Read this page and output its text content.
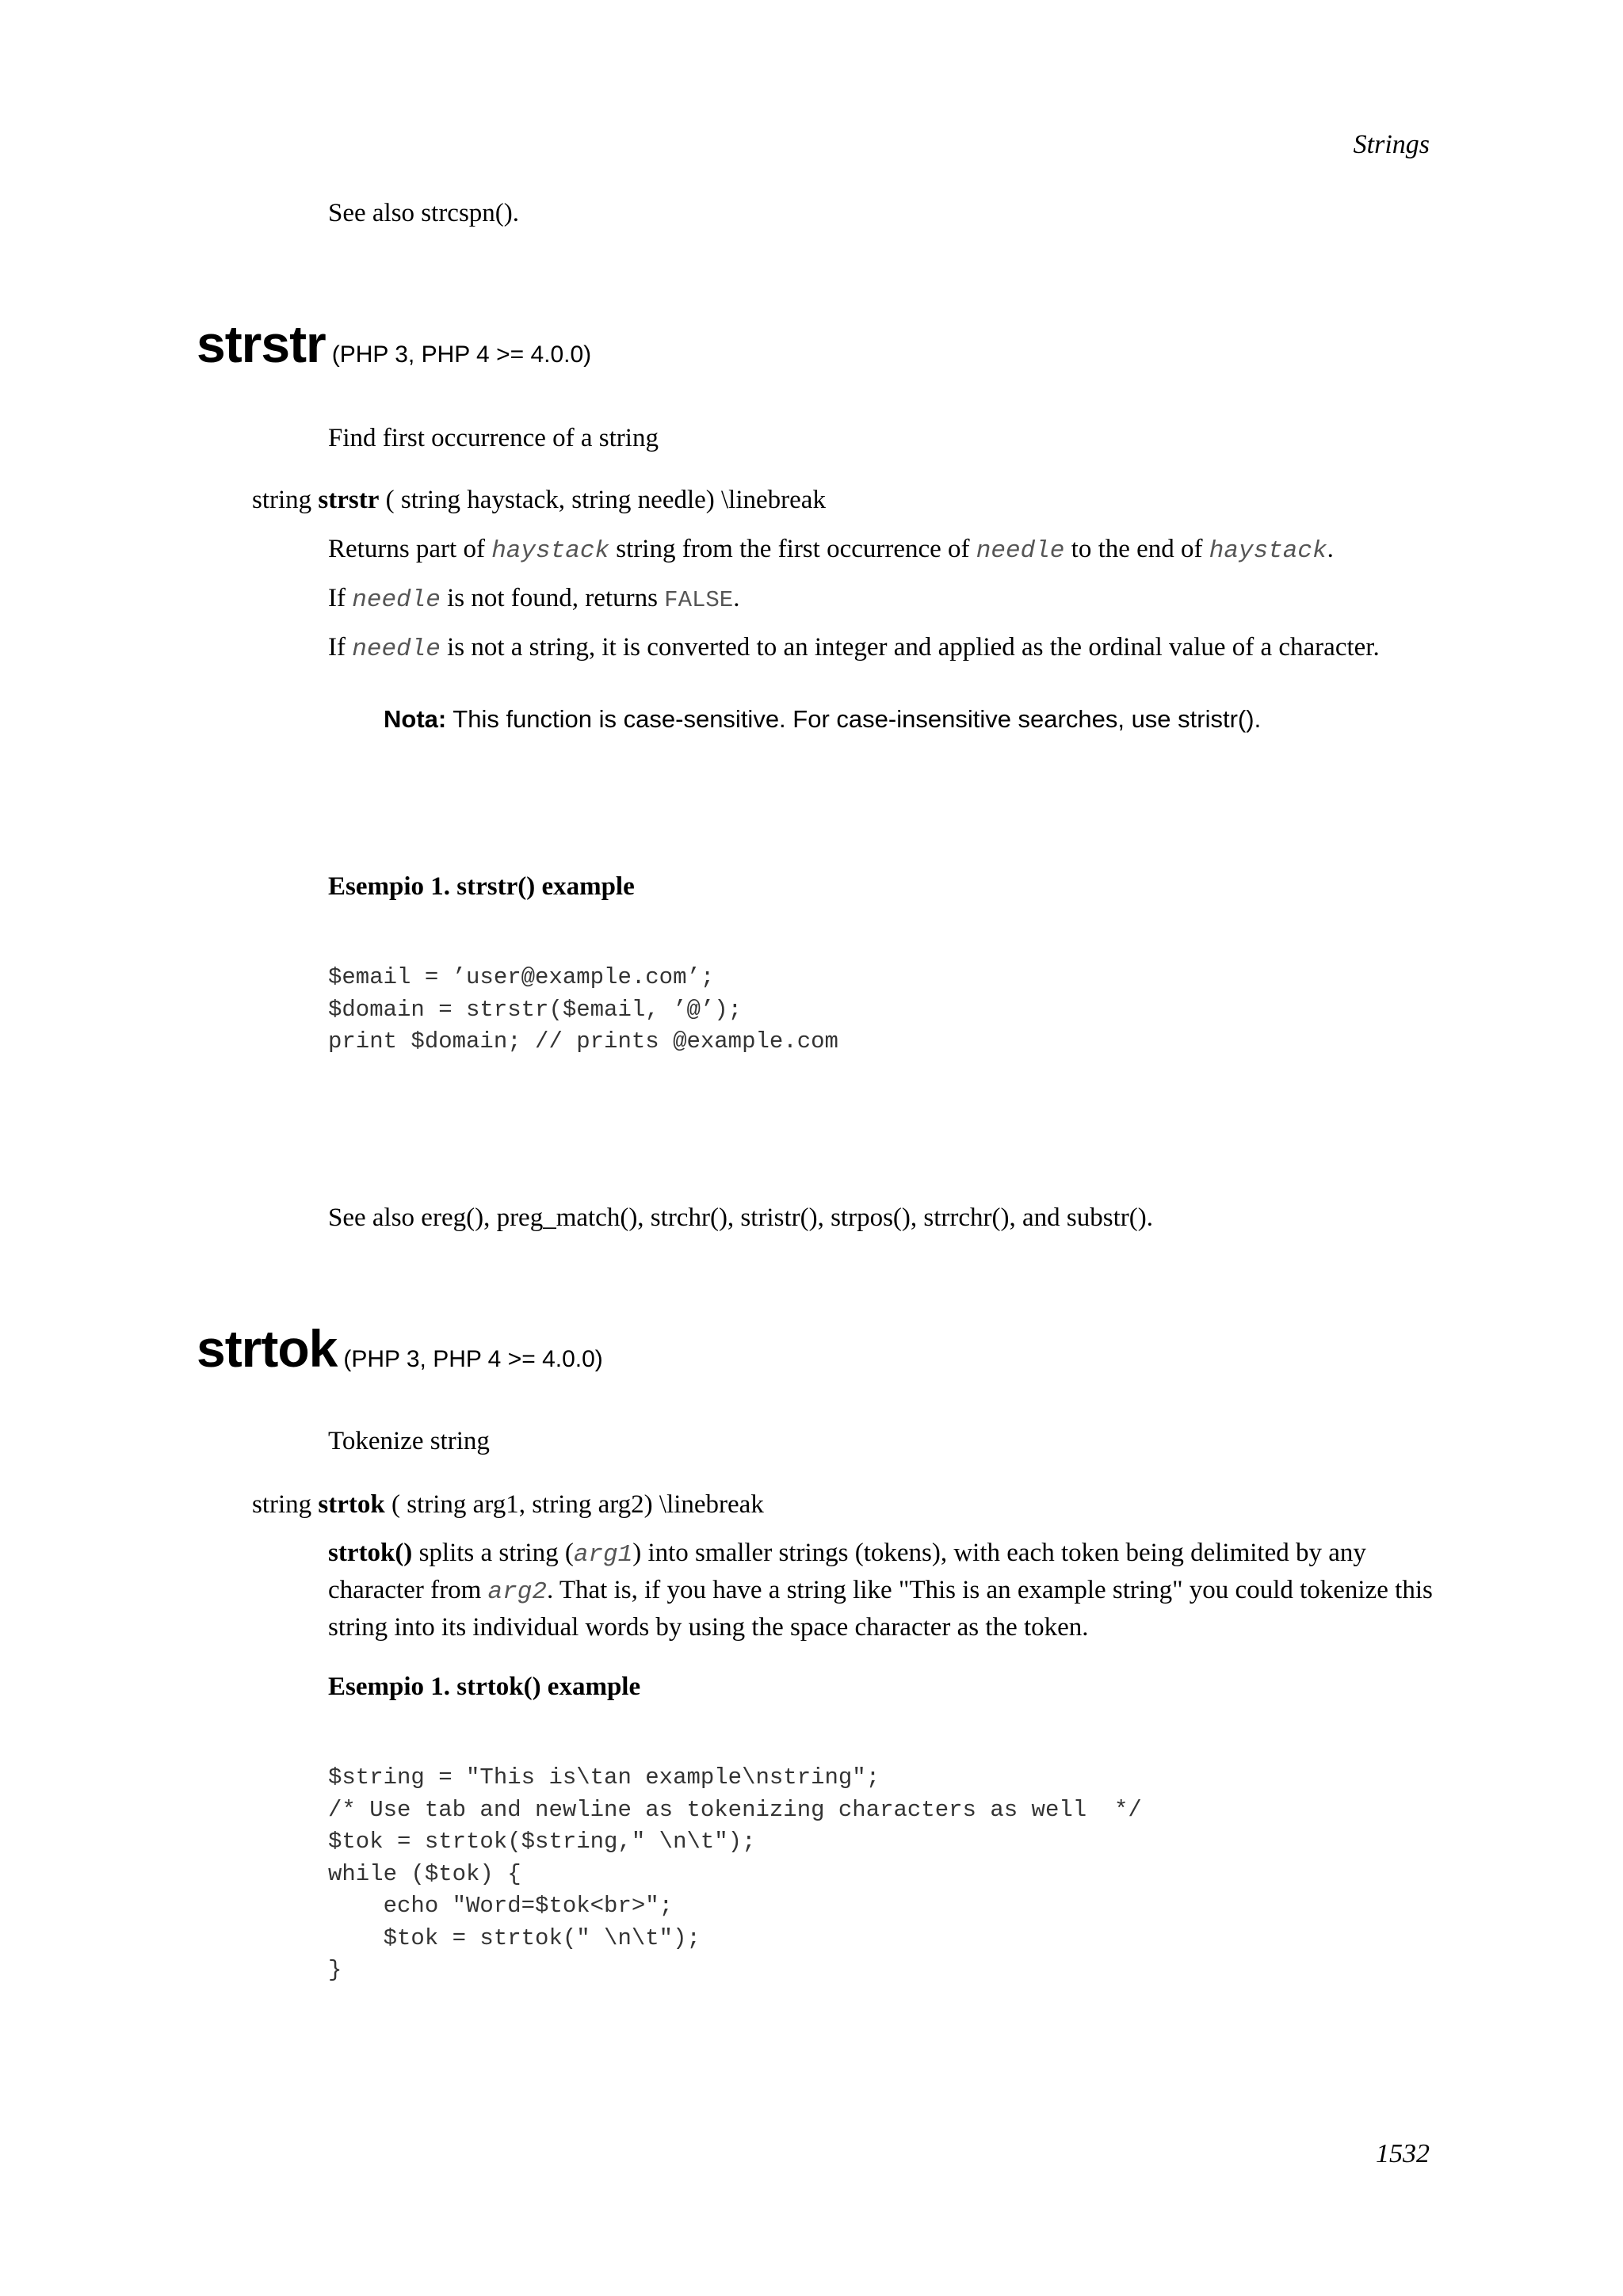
Strings
See also strcspn().
strstr (PHP 3, PHP 4 >= 4.0.0)
Find first occurrence of a string
string strstr ( string haystack, string needle) \linebreak
Returns part of haystack string from the first occurrence of needle to the end of haystack.
If needle is not found, returns FALSE.
If needle is not a string, it is converted to an integer and applied as the ordinal value of a character.
Nota: This function is case-sensitive. For case-insensitive searches, use stristr().
Esempio 1. strstr() example
$email = ’user@example.com’;
$domain = strstr($email, ’@’);
print $domain; // prints @example.com
See also ereg(), preg_match(), strchr(), stristr(), strpos(), strrchr(), and substr().
strtok (PHP 3, PHP 4 >= 4.0.0)
Tokenize string
string strtok ( string arg1, string arg2) \linebreak
strtok() splits a string (arg1) into smaller strings (tokens), with each token being delimited by any character from arg2. That is, if you have a string like "This is an example string" you could tokenize this string into its individual words by using the space character as the token.
Esempio 1. strtok() example
$string = "This is\tan example\nstring";
/* Use tab and newline as tokenizing characters as well  */
$tok = strtok($string," \n\t");
while ($tok) {
echo "Word=$tok<br>";
$tok = strtok(" \n\t");
}
1532
